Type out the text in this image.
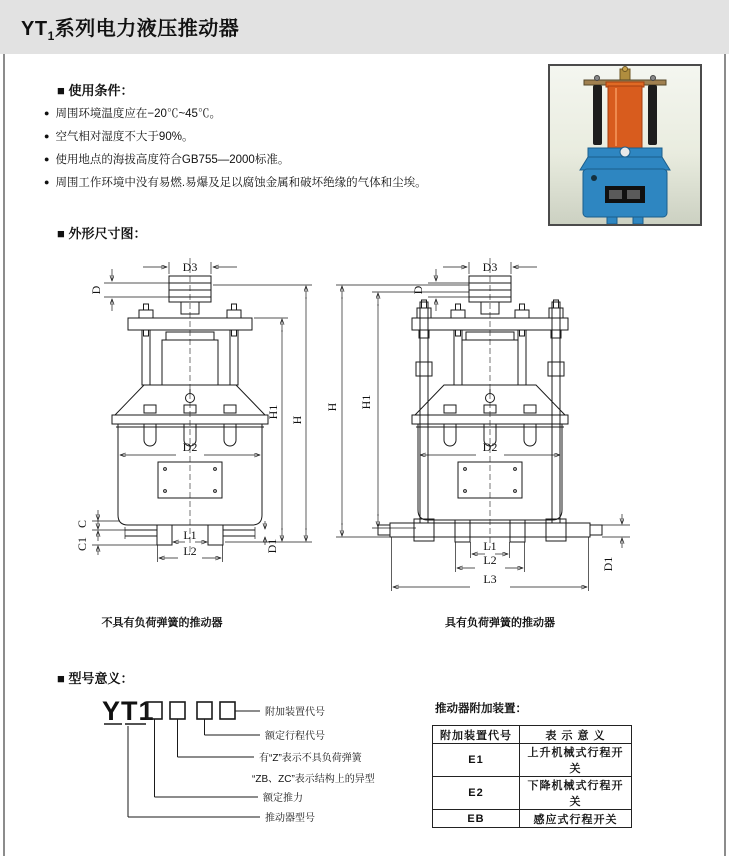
$YT_1$系列电力液压推动器
■ 使用条件：
● 周围环境温度应在−20℃~45℃。
● 空气相对湿度不大于90%。
● 使用地点的海拔高度符合GB755—2000标准。
● 周围工作环境中没有易燃.易爆及足以腐蚀金属和破坏绝缘的气体和尘埃。
■ 外形尺寸图：
D3
D
D2
C
C1	D1
L1
L2
H1
H
D3
D
D2
L1
L2
L3
H H1
D1
不具有负荷弹簧的推动器	具有负荷弹簧的推动器
■ 型号意义：
YT1	附加装置代号
额定行程代号
有“Z”表示不具负荷弹簧
“ZB、ZC”表示结构上的异型
额定推力
推动器型号
推动器附加装置：
附加装置代号	表 示 意 义
E1	上升机械式行程开关
E2	下降机械式行程开关
EB	感应式行程开关
